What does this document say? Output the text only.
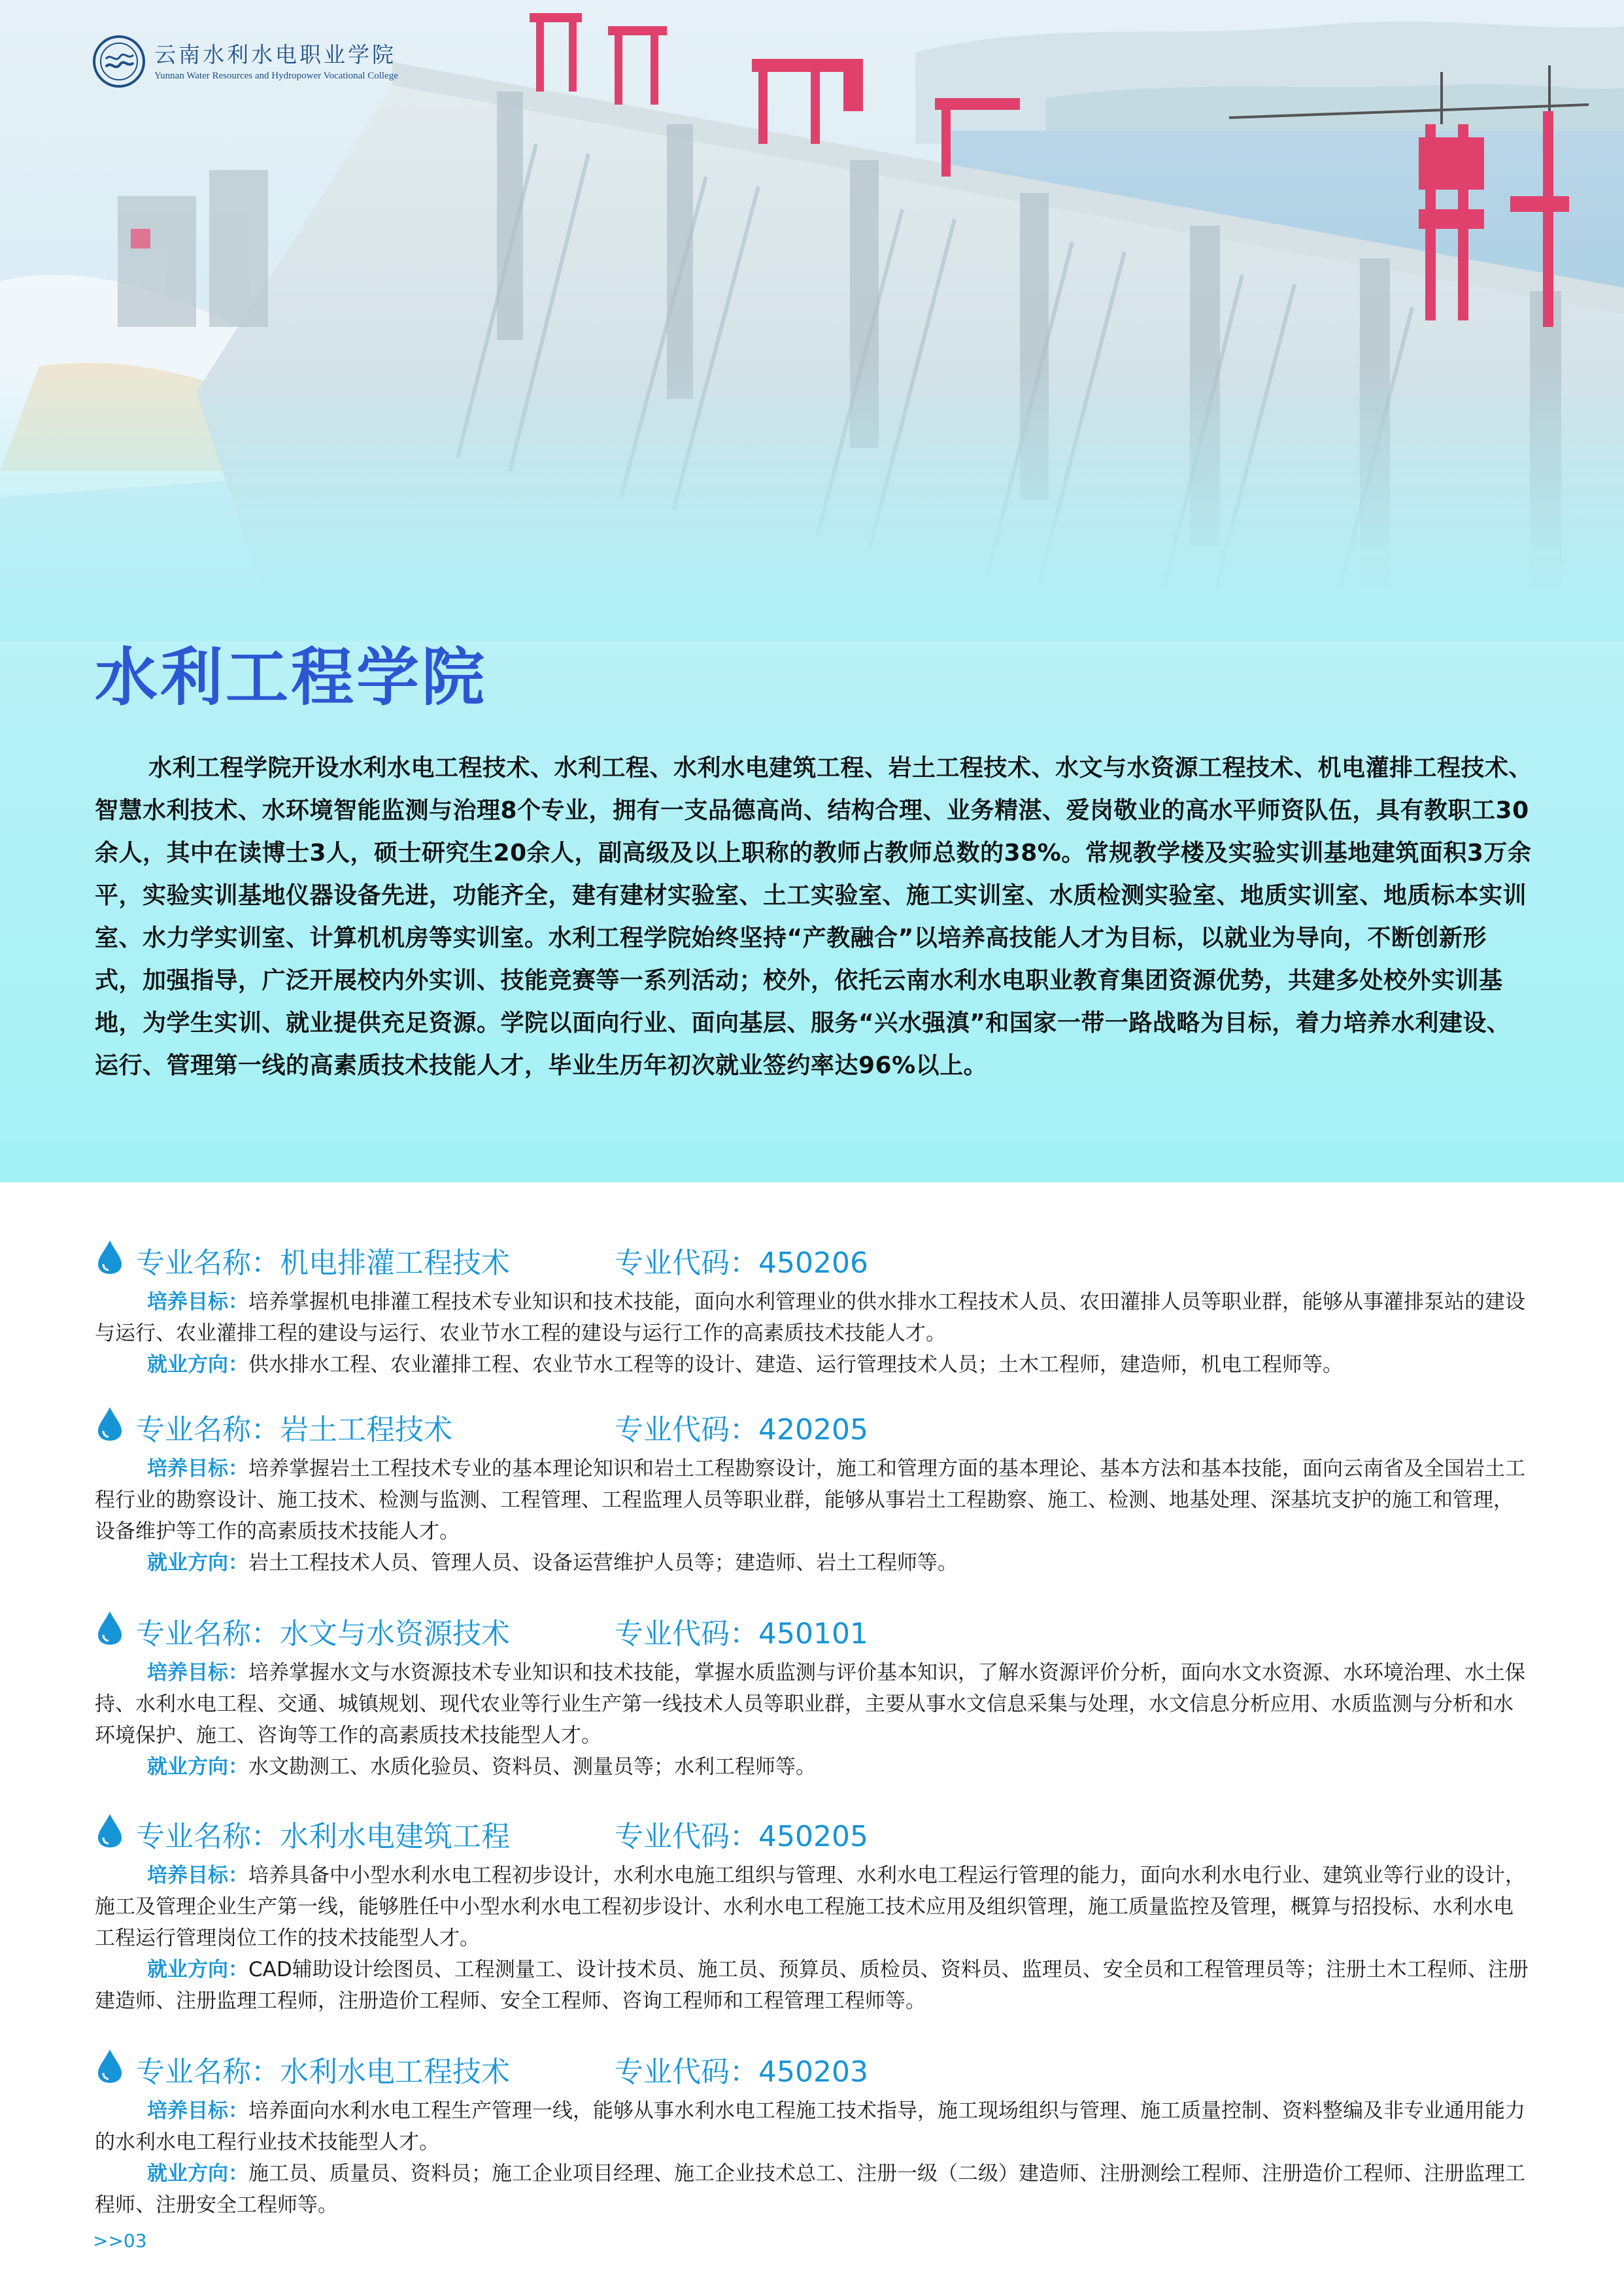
云南水利水电职业学院
Yunnan Water Resources and Hydropower Vocational College
水利工程学院

水利工程学院开设水利水电工程技术、水利工程、水利水电建筑工程、岩土工程技术、水文与水资源工程技术、机电灌排工程技术、智慧水利技术、水环境智能监测与治理8个专业，拥有一支品德高尚、结构合理、业务精湛、爱岗敬业的高水平师资队伍，具有教职工30余人，其中在读博士3人，硕士研究生20余人，副高级及以上职称的教师占教师总数的38%。常规教学楼及实验实训基地建筑面积3万余平，实验实训基地仪器设备先进，功能齐全，建有建材实验室、土工实验室、施工实训室、水质检测实验室、地质实训室、地质标本实训室、水力学实训室、计算机机房等实训室。水利工程学院始终坚持“产教融合”以培养高技能人才为目标，以就业为导向，不断创新形式，加强指导，广泛开展校内外实训、技能竞赛等一系列活动；校外，依托云南水利水电职业教育集团资源优势，共建多处校外实训基地，为学生实训、就业提供充足资源。学院以面向行业、面向基层、服务“兴水强滇”和国家一带一路战略为目标，着力培养水利建设、运行、管理第一线的高素质技术技能人才，毕业生历年初次就业签约率达96%以上。

专业名称：机电排灌工程技术	专业代码：450206

培养目标：培养掌握机电排灌工程技术专业知识和技术技能，面向水利管理业的供水排水工程技术人员、农田灌排人员等职业群，能够从事灌排泵站的建设与运行、农业灌排工程的建设与运行、农业节水工程的建设与运行工作的高素质技术技能人才。

就业方向：供水排水工程、农业灌排工程、农业节水工程等的设计、建造、运行管理技术人员；土木工程师，建造师，机电工程师等。

专业名称：岩土工程技术	专业代码：420205

培养目标：培养掌握岩土工程技术专业的基本理论知识和岩土工程勘察设计，施工和管理方面的基本理论、基本方法和基本技能，面向云南省及全国岩土工程行业的勘察设计、施工技术、检测与监测、工程管理、工程监理人员等职业群，能够从事岩土工程勘察、施工、检测、地基处理、深基坑支护的施工和管理，设备维护等工作的高素质技术技能人才。

就业方向：岩土工程技术人员、管理人员、设备运营维护人员等；建造师、岩土工程师等。

专业名称：水文与水资源技术	专业代码：450101

培养目标：培养掌握水文与水资源技术专业知识和技术技能，掌握水质监测与评价基本知识，了解水资源评价分析，面向水文水资源、水环境治理、水土保持、水利水电工程、交通、城镇规划、现代农业等行业生产第一线技术人员等职业群，主要从事水文信息采集与处理，水文信息分析应用、水质监测与分析和水环境保护、施工、咨询等工作的高素质技术技能型人才。

就业方向：水文勘测工、水质化验员、资料员、测量员等；水利工程师等。

专业名称：水利水电建筑工程	专业代码：450205

培养目标：培养具备中小型水利水电工程初步设计，水利水电施工组织与管理、水利水电工程运行管理的能力，面向水利水电行业、建筑业等行业的设计，施工及管理企业生产第一线，能够胜任中小型水利水电工程初步设计、水利水电工程施工技术应用及组织管理，施工质量监控及管理，概算与招投标、水利水电工程运行管理岗位工作的技术技能型人才。

就业方向：CAD辅助设计绘图员、工程测量工、设计技术员、施工员、预算员、质检员、资料员、监理员、安全员和工程管理员等；注册土木工程师、注册建造师、注册监理工程师，注册造价工程师、安全工程师、咨询工程师和工程管理工程师等。

专业名称：水利水电工程技术	专业代码：450203

培养目标：培养面向水利水电工程生产管理一线，能够从事水利水电工程施工技术指导，施工现场组织与管理、施工质量控制、资料整编及非专业通用能力的水利水电工程行业技术技能型人才。

就业方向：施工员、质量员、资料员；施工企业项目经理、施工企业技术总工、注册一级（二级）建造师、注册测绘工程师、注册造价工程师、注册监理工程师、注册安全工程师等。

>>03
